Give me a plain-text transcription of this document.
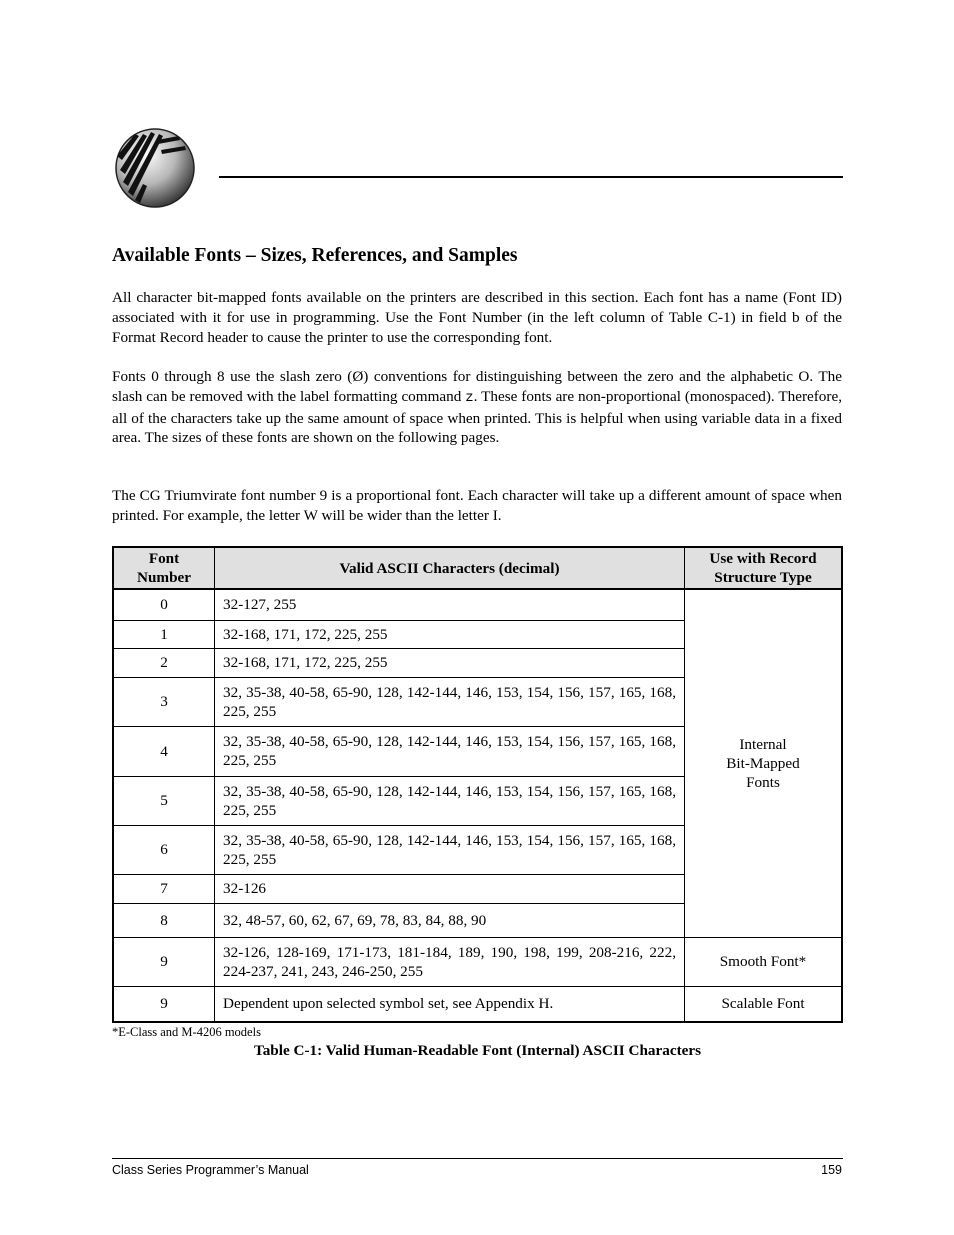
Available Fonts – Sizes, References, and Samples

All character bit-mapped fonts available on the printers are described in this section. Each font has a name (Font ID) associated with it for use in programming. Use the Font Number (in the left column of Table C-1) in field b of the Format Record header to cause the printer to use the corresponding font.

Fonts 0 through 8 use the slash zero (Ø) conventions for distinguishing between the zero and the alphabetic O. The slash can be removed with the label formatting command z. These fonts are non-proportional (monospaced). Therefore, all of the characters take up the same amount of space when printed. This is helpful when using variable data in a fixed area. The sizes of these fonts are shown on the following pages.

The CG Triumvirate font number 9 is a proportional font. Each character will take up a different amount of space when printed. For example, the letter W will be wider than the letter I.

Font
Number	Valid ASCII Characters (decimal)	Use with Record
Structure Type
0	32-127, 255	Internal
Bit-Mapped
Fonts
1	32-168, 171, 172, 225, 255	
2	32-168, 171, 172, 225, 255	
3	32, 35-38, 40-58, 65-90, 128, 142-144, 146, 153, 154, 156, 157, 165, 168, 225, 255	
4	32, 35-38, 40-58, 65-90, 128, 142-144, 146, 153, 154, 156, 157, 165, 168, 225, 255	
5	32, 35-38, 40-58, 65-90, 128, 142-144, 146, 153, 154, 156, 157, 165, 168, 225, 255	
6	32, 35-38, 40-58, 65-90, 128, 142-144, 146, 153, 154, 156, 157, 165, 168, 225, 255	
7	32-126	
8	32, 48-57, 60, 62, 67, 69, 78, 83, 84, 88, 90	
9	32-126, 128-169, 171-173, 181-184, 189, 190, 198, 199, 208-216, 222, 224-237, 241, 243, 246-250, 255	Smooth Font*
9	Dependent upon selected symbol set, see Appendix H.	Scalable Font
*E-Class and M-4206 models
Table C-1: Valid Human-Readable Font (Internal) ASCII Characters
Class Series Programmer’s Manual	159
